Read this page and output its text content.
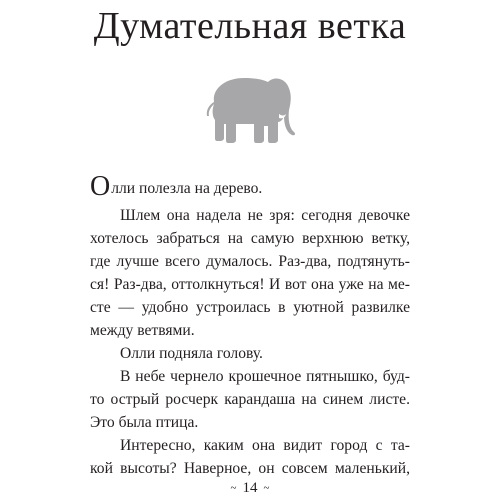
Думательная ветка
Олли полезла на дерево.
Шлем она надела не зря: сегодня девочке
хотелось забраться на самую верхнюю ветку,
где лучше всего думалось. Раз-два, подтянуть-
ся! Раз-два, оттолкнуться! И вот она уже на ме-
сте — удобно устроилась в уютной развилке
между ветвями.
Олли подняла голову.
В небе чернело крошечное пятнышко, буд-
то острый росчерк карандаша на синем листе.
Это была птица.
Интересно, каким она видит город с та-
кой высоты? Наверное, он совсем маленький,
~ 14 ~
